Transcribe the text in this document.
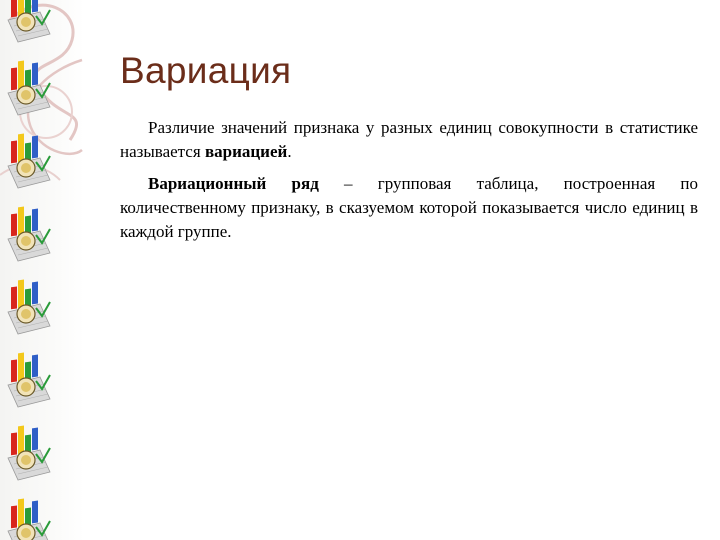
Вариация

Различие значений признака у разных единиц совокупности в статистике называется вариацией.

Вариационный ряд – групповая таблица, построенная по количественному признаку, в сказуемом которой показывается число единиц в каждой группе.
